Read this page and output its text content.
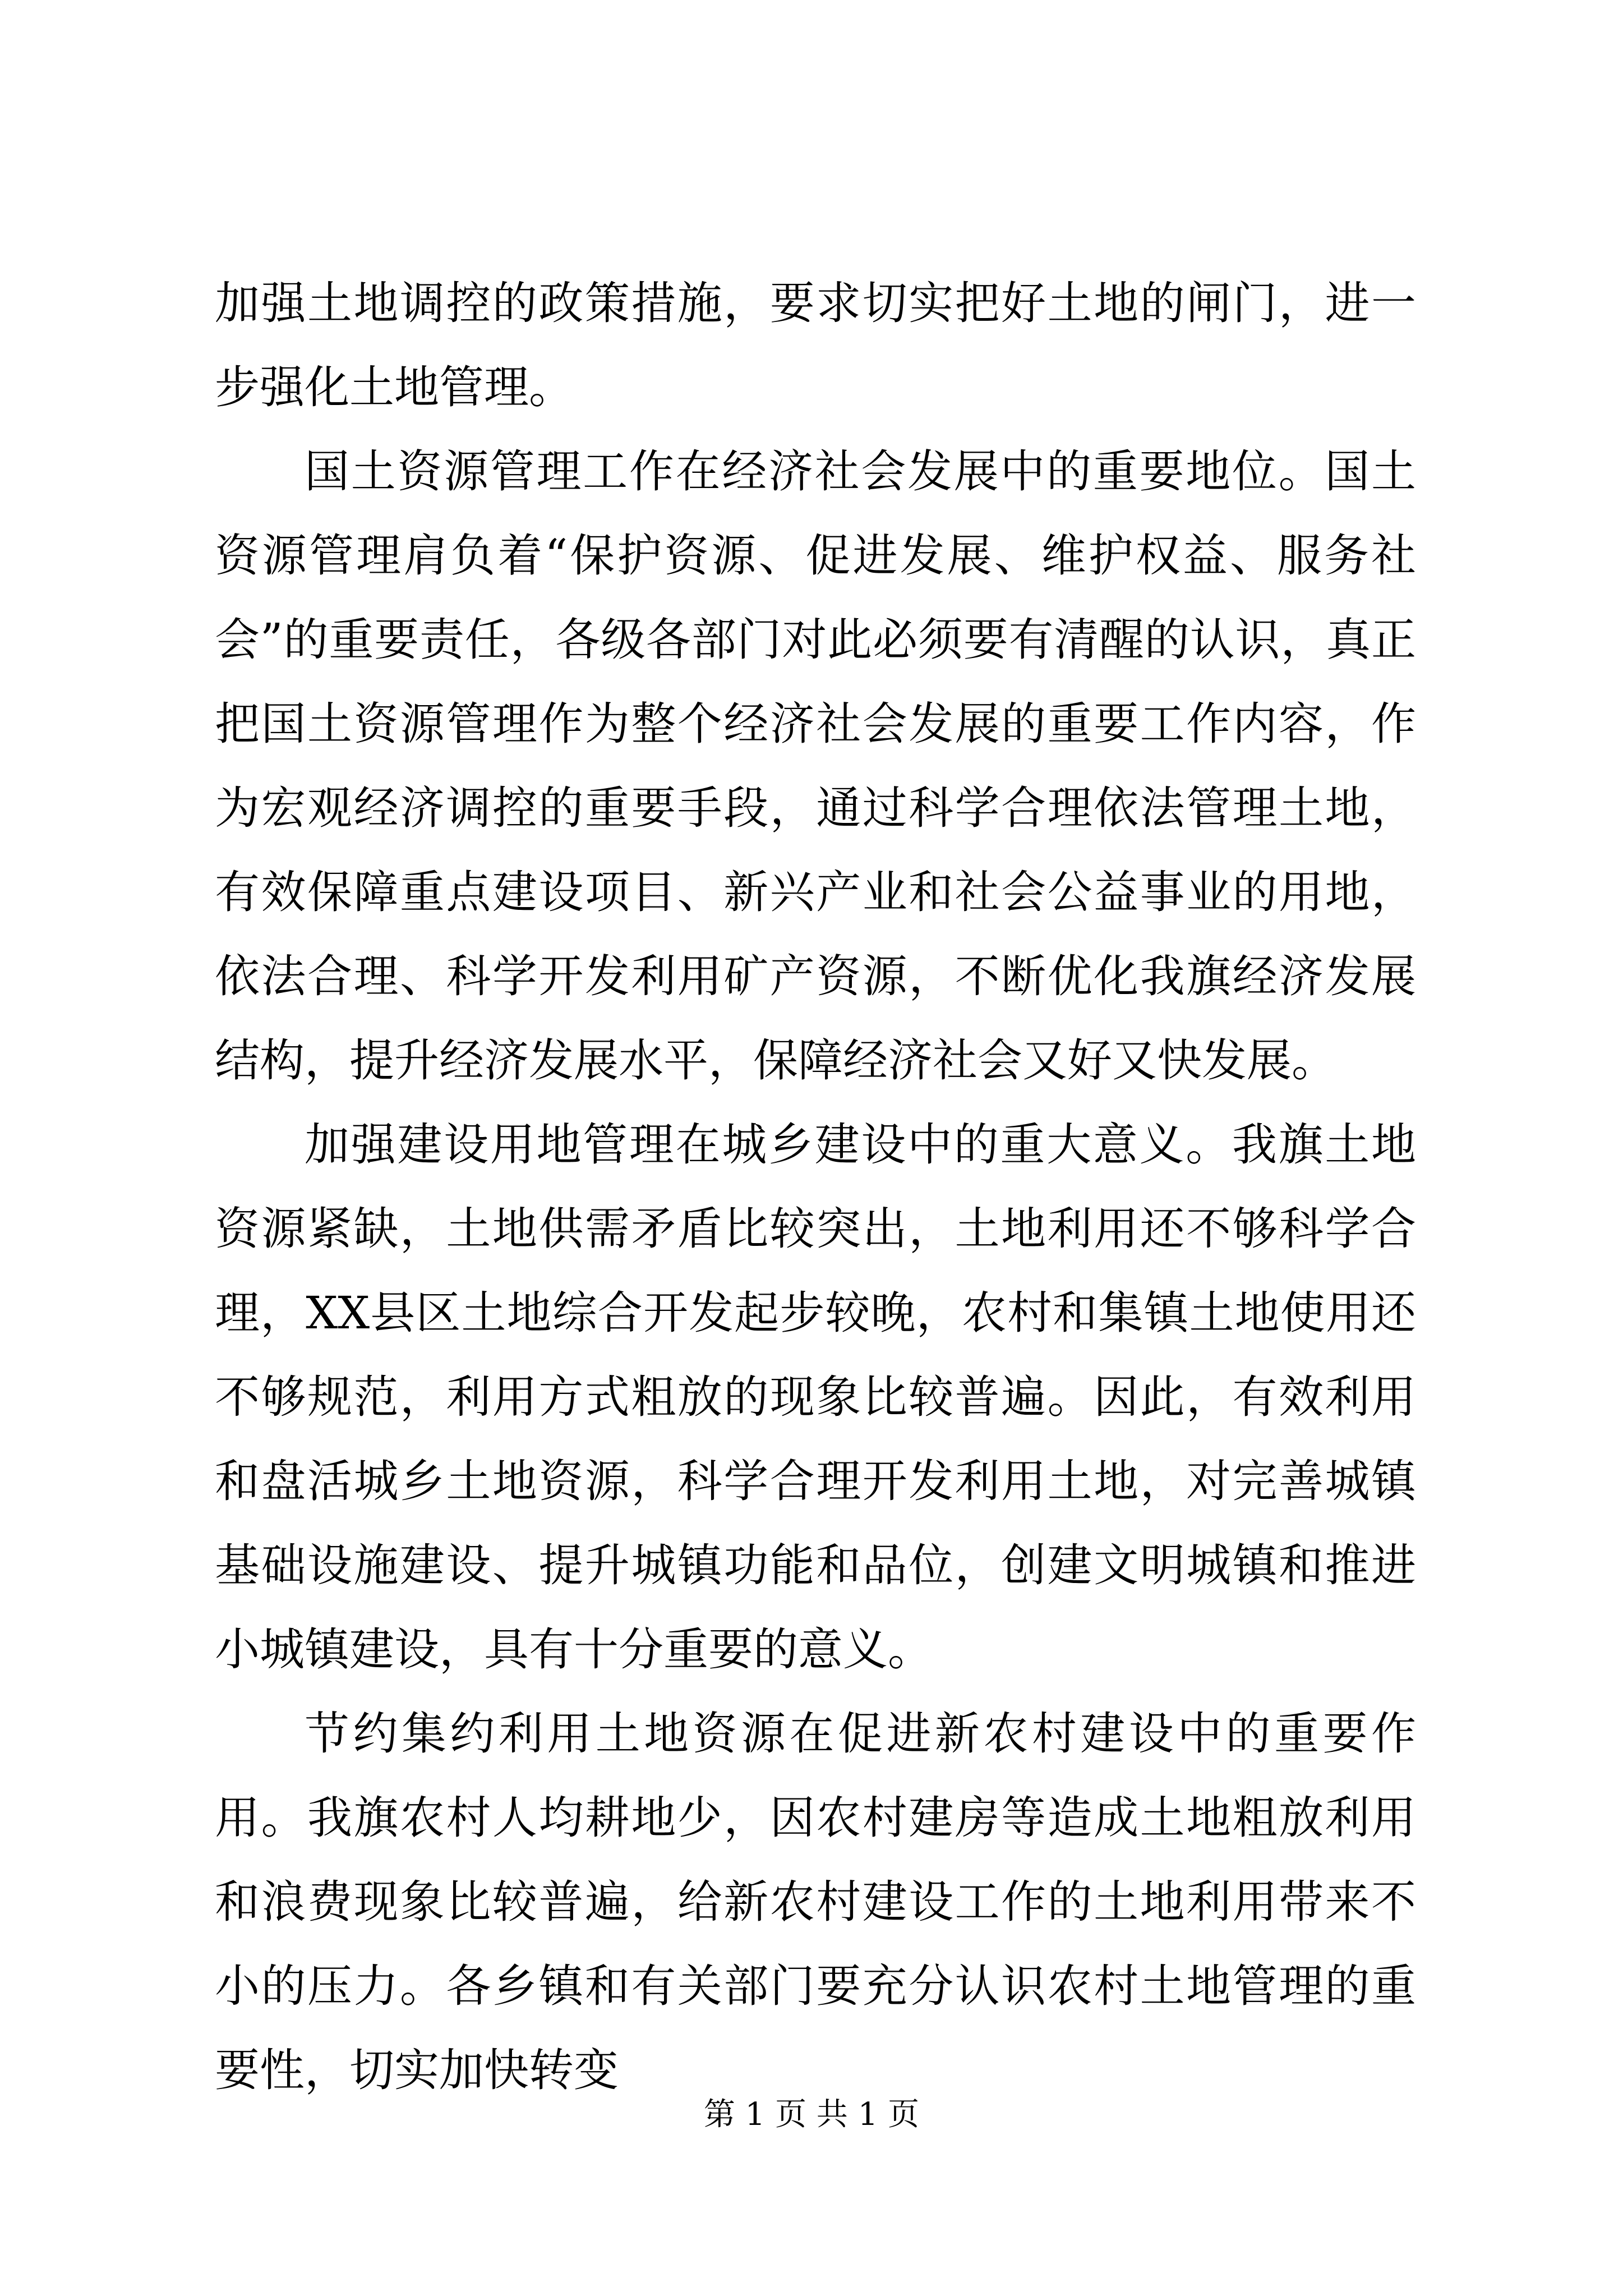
加强土地调控的政策措施，要求切实把好土地的闸门，进一步强化土地管理。

国土资源管理工作在经济社会发展中的重要地位。国土资源管理肩负着“保护资源、促进发展、维护权益、服务社会”的重要责任，各级各部门对此必须要有清醒的认识，真正把国土资源管理作为整个经济社会发展的重要工作内容，作为宏观经济调控的重要手段，通过科学合理依法管理土地，有效保障重点建设项目、新兴产业和社会公益事业的用地，依法合理、科学开发利用矿产资源，不断优化我旗经济发展结构，提升经济发展水平，保障经济社会又好又快发展。

加强建设用地管理在城乡建设中的重大意义。我旗土地资源紧缺，土地供需矛盾比较突出，土地利用还不够科学合理，XX县区土地综合开发起步较晚，农村和集镇土地使用还不够规范，利用方式粗放的现象比较普遍。因此，有效利用和盘活城乡土地资源，科学合理开发利用土地，对完善城镇基础设施建设、提升城镇功能和品位，创建文明城镇和推进小城镇建设，具有十分重要的意义。

节约集约利用土地资源在促进新农村建设中的重要作用。我旗农村人均耕地少，因农村建房等造成土地粗放利用和浪费现象比较普遍，给新农村建设工作的土地利用带来不小的压力。各乡镇和有关部门要充分认识农村土地管理的重要性，切实加快转变

第 1 页 共 1 页
